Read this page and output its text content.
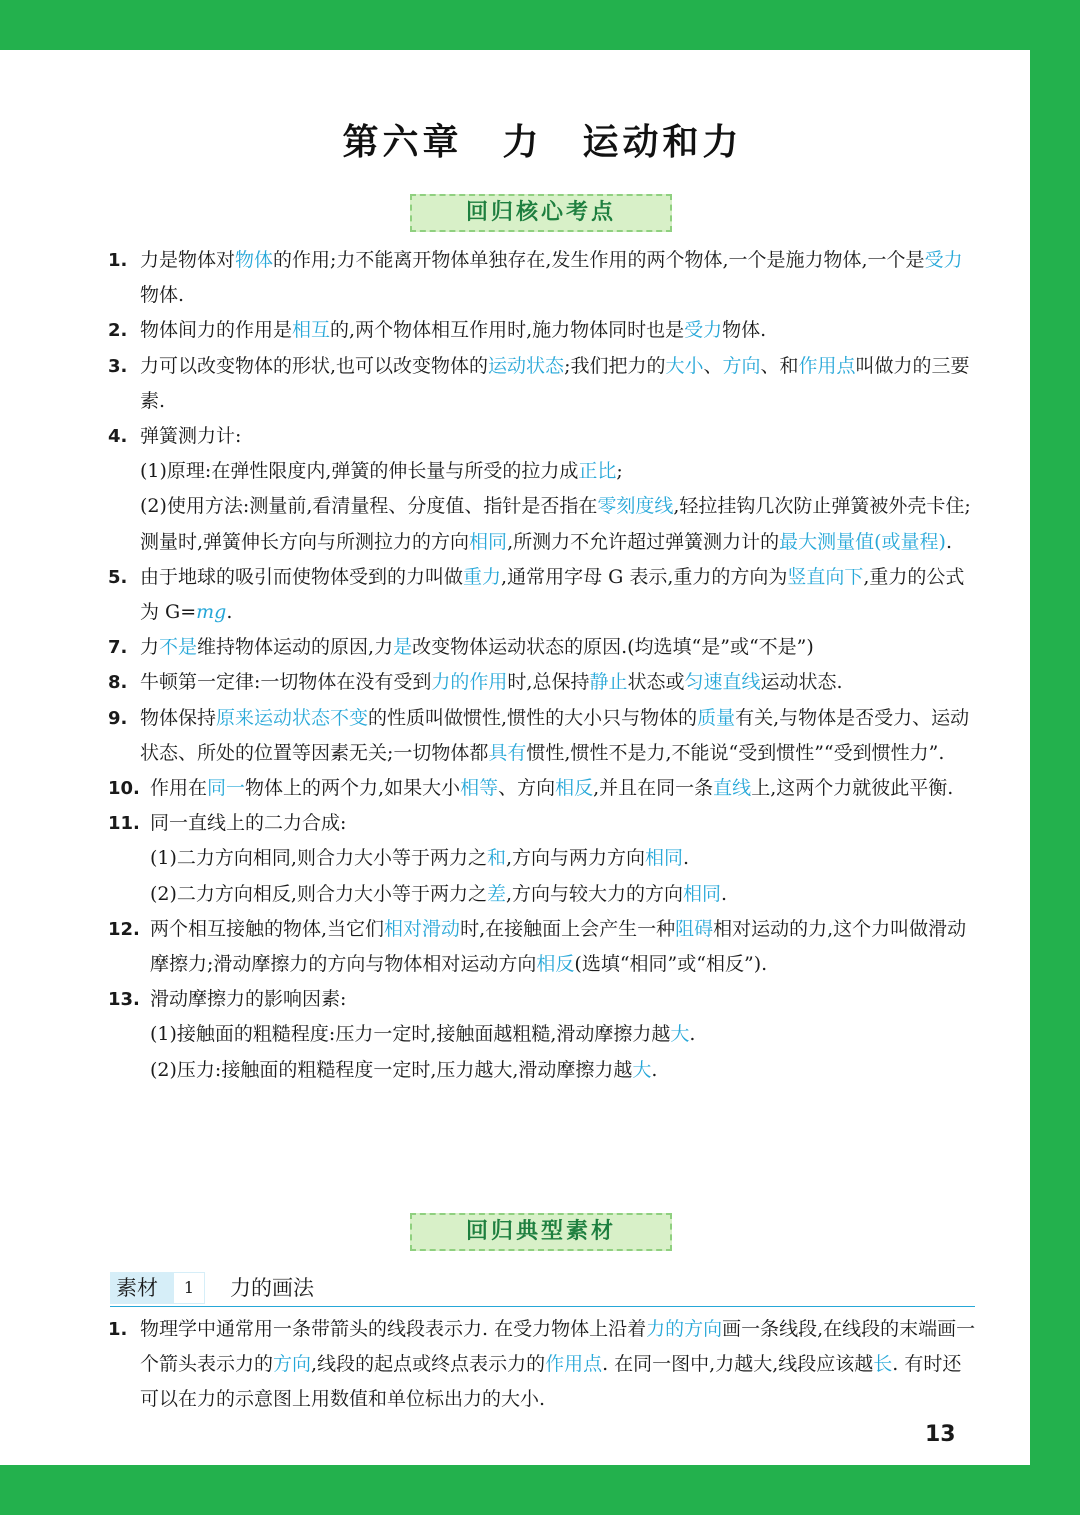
第六章　力　运动和力
回归核心考点
1. 力是物体对物体的作用;力不能离开物体单独存在,发生作用的两个物体,一个是施力物体,一个是受力物体.
2. 物体间力的作用是相互的,两个物体相互作用时,施力物体同时也是受力物体.
3. 力可以改变物体的形状,也可以改变物体的运动状态;我们把力的大小、方向、和作用点叫做力的三要素.
4. 弹簧测力计:
(1)原理:在弹性限度内,弹簧的伸长量与所受的拉力成正比;
(2)使用方法:测量前,看清量程、分度值、指针是否指在零刻度线,轻拉挂钩几次防止弹簧被外壳卡住;测量时,弹簧伸长方向与所测拉力的方向相同,所测力不允许超过弹簧测力计的最大测量值(或量程).
5. 由于地球的吸引而使物体受到的力叫做重力,通常用字母 G 表示,重力的方向为竖直向下,重力的公式为 G=mg.
7. 力不是维持物体运动的原因,力是改变物体运动状态的原因.(均选填“是”或“不是”)
8. 牛顿第一定律:一切物体在没有受到力的作用时,总保持静止状态或匀速直线运动状态.
9. 物体保持原来运动状态不变的性质叫做惯性,惯性的大小只与物体的质量有关,与物体是否受力、运动状态、所处的位置等因素无关;一切物体都具有惯性,惯性不是力,不能说“受到惯性”“受到惯性力”.
10. 作用在同一物体上的两个力,如果大小相等、方向相反,并且在同一条直线上,这两个力就彼此平衡.
11. 同一直线上的二力合成:
(1)二力方向相同,则合力大小等于两力之和,方向与两力方向相同.
(2)二力方向相反,则合力大小等于两力之差,方向与较大力的方向相同.
12. 两个相互接触的物体,当它们相对滑动时,在接触面上会产生一种阻碍相对运动的力,这个力叫做滑动摩擦力;滑动摩擦力的方向与物体相对运动方向相反(选填“相同”或“相反”).
13. 滑动摩擦力的影响因素:
(1)接触面的粗糙程度:压力一定时,接触面越粗糙,滑动摩擦力越大.
(2)压力:接触面的粗糙程度一定时,压力越大,滑动摩擦力越大.
回归典型素材
素材	1	力的画法
1. 物理学中通常用一条带箭头的线段表示力. 在受力物体上沿着力的方向画一条线段,在线段的末端画一个箭头表示力的方向,线段的起点或终点表示力的作用点. 在同一图中,力越大,线段应该越长. 有时还可以在力的示意图上用数值和单位标出力的大小.
13
